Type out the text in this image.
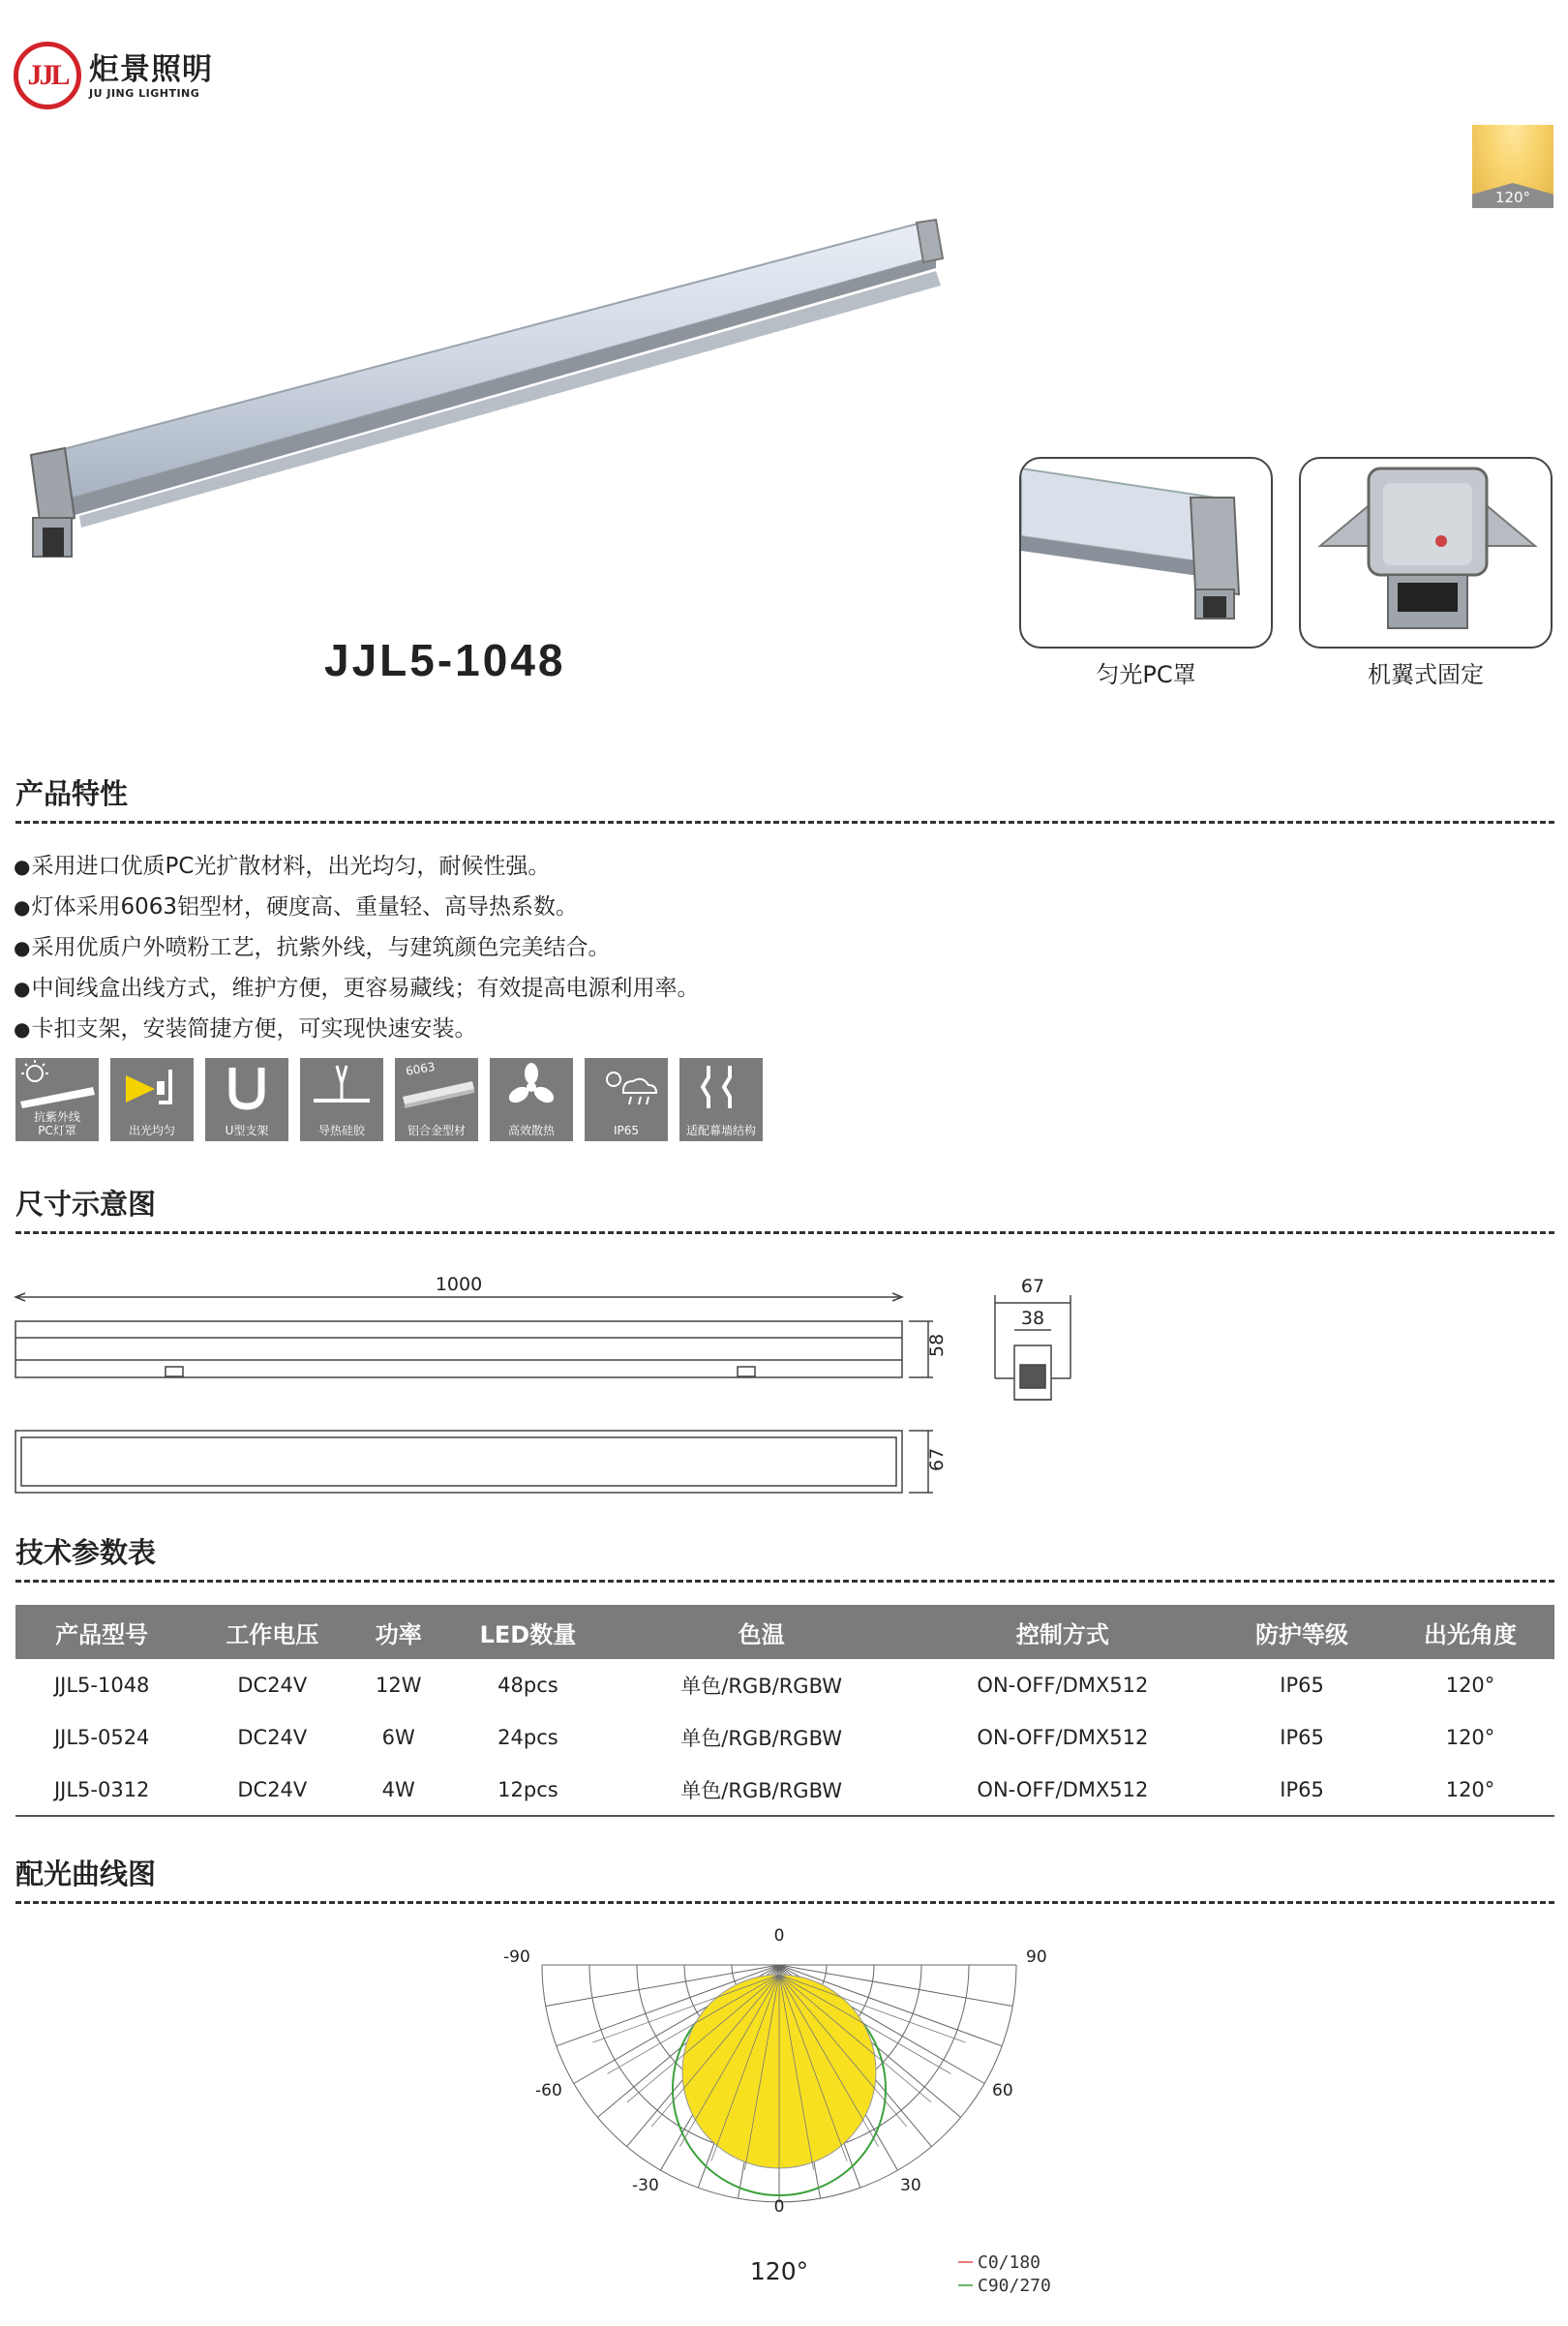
JJL 炬景照明
JU JING LIGHTING
120°
JJL5-1048	匀光PC罩	机翼式固定
产品特性
●采用进口优质PC光扩散材料，出光均匀，耐候性强。
●灯体采用6063铝型材，硬度高、重量轻、高导热系数。
●采用优质户外喷粉工艺，抗紫外线，与建筑颜色完美结合。
●中间线盒出线方式，维护方便，更容易藏线；有效提高电源利用率。
●卡扣支架，安装简捷方便，可实现快速安装。
抗紫外线
PC灯罩	出光均匀	U型支架	导热硅胶
6063
铝合金型材	高效散热	IP65	适配幕墙结构
尺寸示意图
1000
58
67
67
38
技术参数表
产品型号	工作电压	功率	LED数量	色温	控制方式	防护等级	出光角度
JJL5-1048	DC24V	12W	48pcs	单色/RGB/RGBW	ON-OFF/DMX512	IP65	120°
JJL5-0524	DC24V	6W	24pcs	单色/RGB/RGBW	ON-OFF/DMX512	IP65	120°
JJL5-0312	DC24V	4W	12pcs	单色/RGB/RGBW	ON-OFF/DMX512	IP65	120°
配光曲线图
0
-90	90
-60	60
-30	30
0
120°	C0/180
C90/270
